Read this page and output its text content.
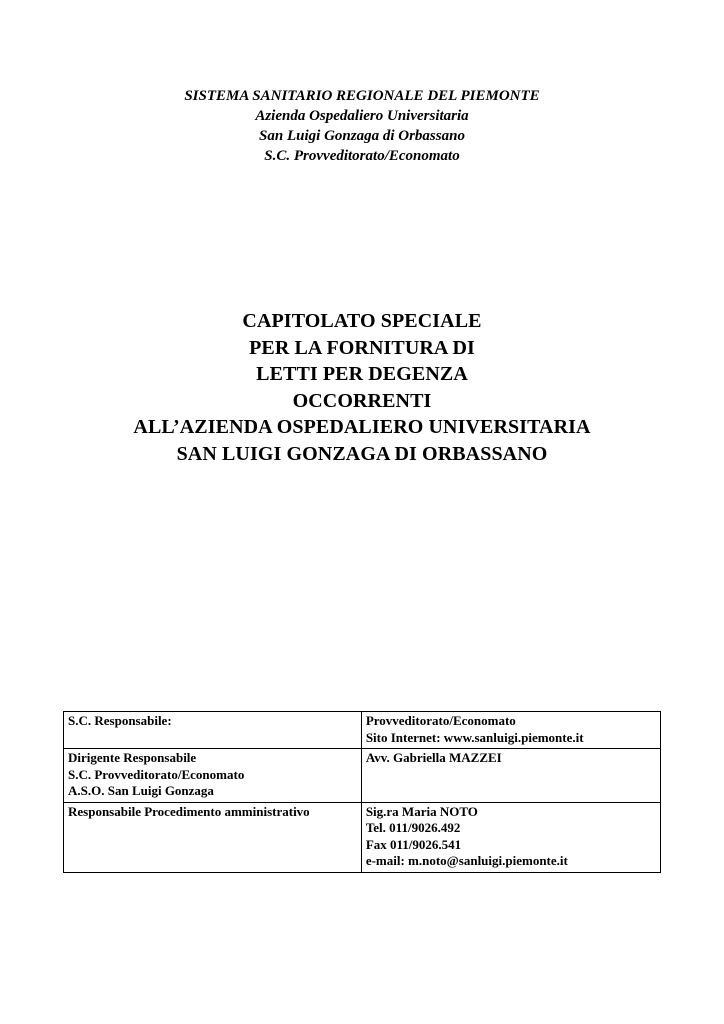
SISTEMA SANITARIO REGIONALE DEL PIEMONTE
Azienda Ospedaliero Universitaria
San Luigi Gonzaga di Orbassano
S.C. Provveditorato/Economato
CAPITOLATO SPECIALE
PER LA FORNITURA DI
LETTI PER DEGENZA
OCCORRENTI
ALL’AZIENDA OSPEDALIERO UNIVERSITARIA
SAN LUIGI GONZAGA DI ORBASSANO
S.C. Responsabile:	Provveditorato/Economato
Sito Internet: www.sanluigi.piemonte.it

Dirigente Responsabile
S.C. Provveditorato/Economato
A.S.O. San Luigi Gonzaga	Avv. Gabriella MAZZEI

Responsabile Procedimento amministrativo	Sig.ra Maria NOTO
Tel. 011/9026.492
Fax 011/9026.541
e-mail: m.noto@sanluigi.piemonte.it
